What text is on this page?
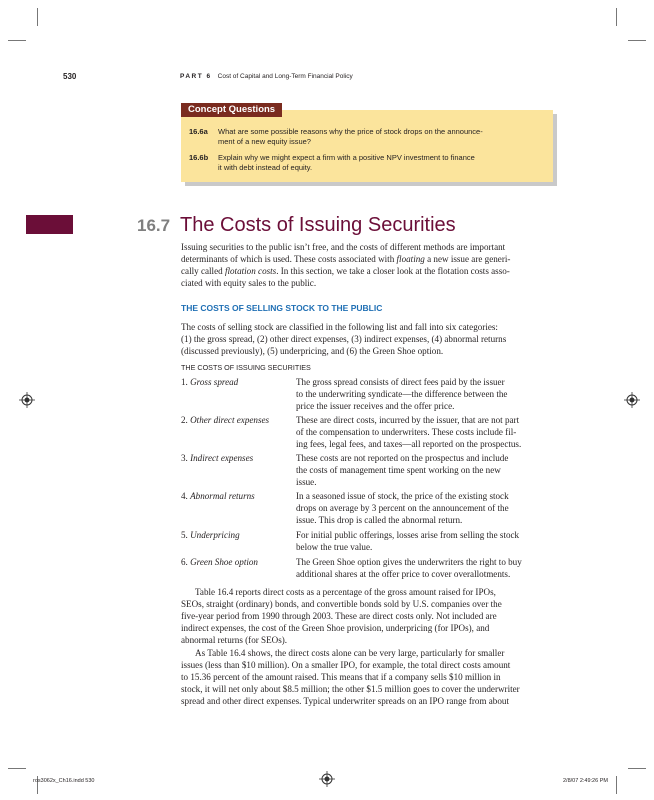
530	PART 6 Cost of Capital and Long-Term Financial Policy
Concept Questions
16.6a What are some possible reasons why the price of stock drops on the announce-
ment of a new equity issue?
16.6b Explain why we might expect a firm with a positive NPV investment to finance
it with debt instead of equity.
16.7 The Costs of Issuing Securities
Issuing securities to the public isn’t free, and the costs of different methods are important
determinants of which is used. These costs associated with floating a new issue are generi-
cally called flotation costs. In this section, we take a closer look at the flotation costs asso-
ciated with equity sales to the public.
THE COSTS OF SELLING STOCK TO THE PUBLIC
The costs of selling stock are classified in the following list and fall into six categories:
(1) the gross spread, (2) other direct expenses, (3) indirect expenses, (4) abnormal returns
(discussed previously), (5) underpricing, and (6) the Green Shoe option.
THE COSTS OF ISSUING SECURITIES
1. Gross spread	The gross spread consists of direct fees paid by the issuer
to the underwriting syndicate—the difference between the
price the issuer receives and the offer price.
2. Other direct expenses	These are direct costs, incurred by the issuer, that are not part
of the compensation to underwriters. These costs include fil-
ing fees, legal fees, and taxes—all reported on the prospectus.
3. Indirect expenses	These costs are not reported on the prospectus and include
the costs of management time spent working on the new
issue.
4. Abnormal returns	In a seasoned issue of stock, the price of the existing stock
drops on average by 3 percent on the announcement of the
issue. This drop is called the abnormal return.
5. Underpricing	For initial public offerings, losses arise from selling the stock
below the true value.
6. Green Shoe option	The Green Shoe option gives the underwriters the right to buy
additional shares at the offer price to cover overallotments.
Table 16.4 reports direct costs as a percentage of the gross amount raised for IPOs,
SEOs, straight (ordinary) bonds, and convertible bonds sold by U.S. companies over the
five-year period from 1990 through 2003. These are direct costs only. Not included are
indirect expenses, the cost of the Green Shoe provision, underpricing (for IPOs), and
abnormal returns (for SEOs).
As Table 16.4 shows, the direct costs alone can be very large, particularly for smaller
issues (less than $10 million). On a smaller IPO, for example, the total direct costs amount
to 15.36 percent of the amount raised. This means that if a company sells $10 million in
stock, it will net only about $8.5 million; the other $1.5 million goes to cover the underwriter
spread and other direct expenses. Typical underwriter spreads on an IPO range from about
ros3062x_Ch16.indd 530	2/8/07 2:49:26 PM
